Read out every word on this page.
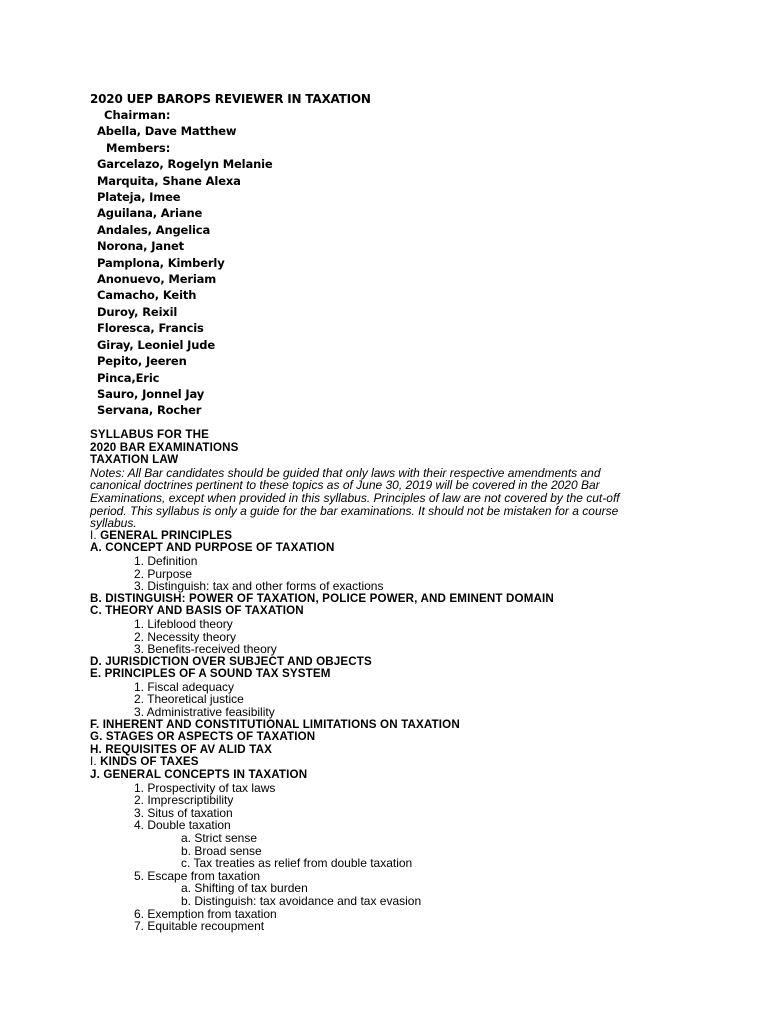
2020 UEP BAROPS REVIEWER IN TAXATION
Chairman:
Abella, Dave Matthew
Members:
Garcelazo, Rogelyn Melanie
Marquita, Shane Alexa
Plateja, Imee
Aguilana, Ariane
Andales, Angelica
Norona, Janet
Pamplona, Kimberly
Anonuevo, Meriam
Camacho, Keith
Duroy, Reixil
Floresca, Francis
Giray, Leoniel Jude
Pepito, Jeeren
Pinca,Eric
Sauro, Jonnel Jay
Servana, Rocher
SYLLABUS FOR THE
2020 BAR EXAMINATIONS
TAXATION LAW
Notes: All Bar candidates should be guided that only laws with their respective amendments and canonical doctrines pertinent to these topics as of June 30, 2019 will be covered in the 2020 Bar Examinations, except when provided in this syllabus. Principles of law are not covered by the cut-off period. This syllabus is only a guide for the bar examinations. It should not be mistaken for a course syllabus.
I. GENERAL PRINCIPLES
A. CONCEPT AND PURPOSE OF TAXATION
1. Definition
2. Purpose
3. Distinguish: tax and other forms of exactions
B. DISTINGUISH: POWER OF TAXATION, POLICE POWER, AND EMINENT DOMAIN
C. THEORY AND BASIS OF TAXATION
1. Lifeblood theory
2. Necessity theory
3. Benefits-received theory
D. JURISDICTION OVER SUBJECT AND OBJECTS
E. PRINCIPLES OF A SOUND TAX SYSTEM
1. Fiscal adequacy
2. Theoretical justice
3. Administrative feasibility
F. INHERENT AND CONSTITUTIONAL LIMITATIONS ON TAXATION
G. STAGES OR ASPECTS OF TAXATION
H. REQUISITES OF AV ALID TAX
I. KINDS OF TAXES
J. GENERAL CONCEPTS IN TAXATION
1. Prospectivity of tax laws
2. Imprescriptibility
3. Situs of taxation
4. Double taxation
a. Strict sense
b. Broad sense
c. Tax treaties as relief from double taxation
5. Escape from taxation
a. Shifting of tax burden
b. Distinguish: tax avoidance and tax evasion
6. Exemption from taxation
7. Equitable recoupment
